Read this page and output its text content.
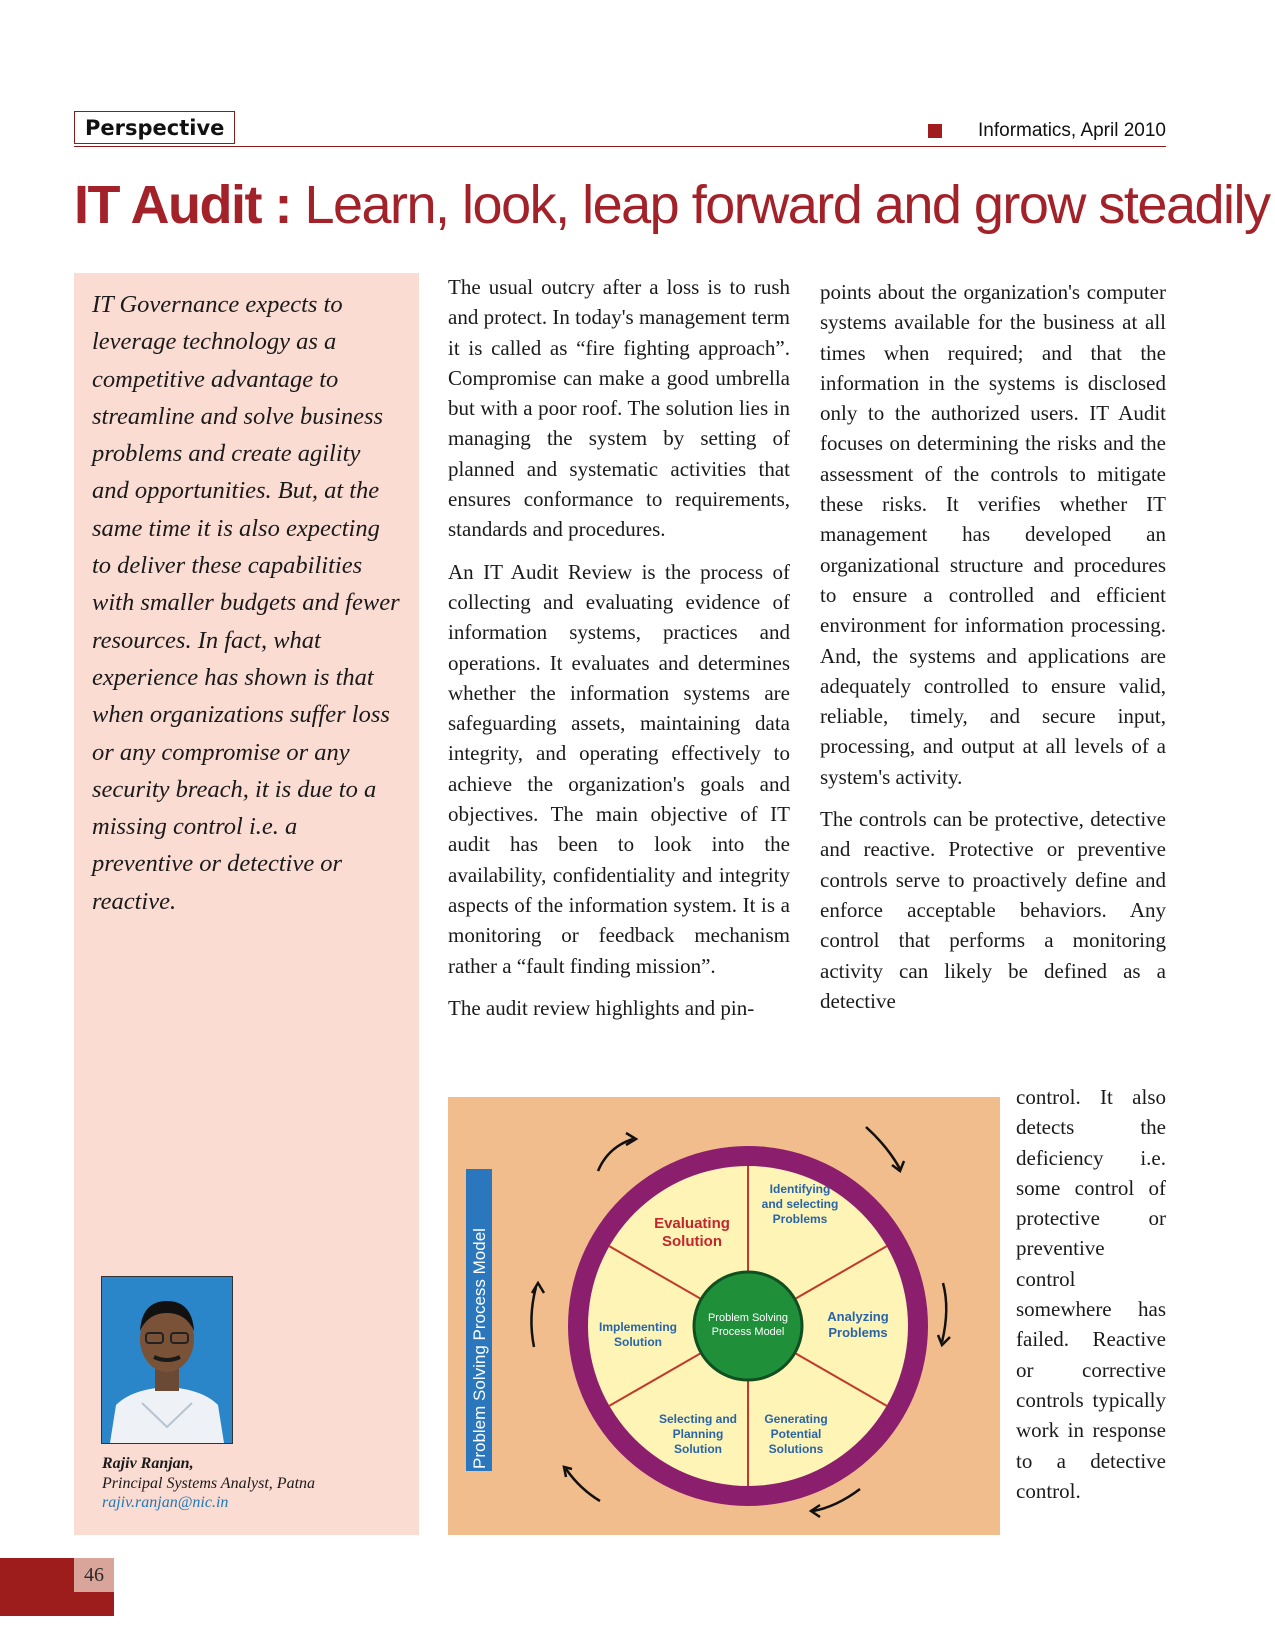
Perspective	Informatics, April 2010
IT Audit : Learn, look, leap forward and grow steadily
IT Governance expects to leverage technology as a competitive advantage to streamline and solve business problems and create agility and opportunities. But, at the same time it is also expecting to deliver these capabilities with smaller budgets and fewer resources. In fact, what experience has shown is that when organizations suffer loss or any compromise or any security breach, it is due to a missing control i.e. a preventive or detective or reactive.
Rajiv Ranjan,
Principal Systems Analyst, Patna
rajiv.ranjan@nic.in

The usual outcry after a loss is to rush and protect. In today's management term it is called as “fire fighting approach”. Compromise can make a good umbrella but with a poor roof. The solution lies in managing the system by setting of planned and systematic activities that ensures conformance to requirements, standards and procedures.

An IT Audit Review is the process of collecting and evaluating evidence of information systems, practices and operations. It evaluates and determines whether the information systems are safeguarding assets, maintaining data integrity, and operating effectively to achieve the organization's goals and objectives. The main objective of IT audit has been to look into the availability, confidentiality and integrity aspects of the information system. It is a monitoring or feedback mechanism rather a “fault finding mission”.

The audit review highlights and pin-

points about the organization's computer systems available for the business at all times when required; and that the information in the systems is disclosed only to the authorized users. IT Audit focuses on determining the risks and the assessment of the controls to mitigate these risks. It verifies whether IT management has developed an organizational structure and procedures to ensure a controlled and efficient environment for information processing. And, the systems and applications are adequately controlled to ensure valid, reliable, timely, and secure input, processing, and output at all levels of a system's activity.

The controls can be protective, detective and reactive. Protective or preventive controls serve to proactively define and enforce acceptable behaviors. Any control that performs a monitoring activity can likely be defined as a detective

control. It also detects the deficiency i.e. some control of protective or preventive control somewhere has failed. Reactive or corrective controls typically work in response to a detective control.

Problem Solving Process Model	Problem Solving
Process Model
Identifying
and selecting
Problems
Analyzing
Problems
Generating
Potential
Solutions
Selecting and
Planning
Solution
Implementing
Solution
Evaluating
Solution
46
